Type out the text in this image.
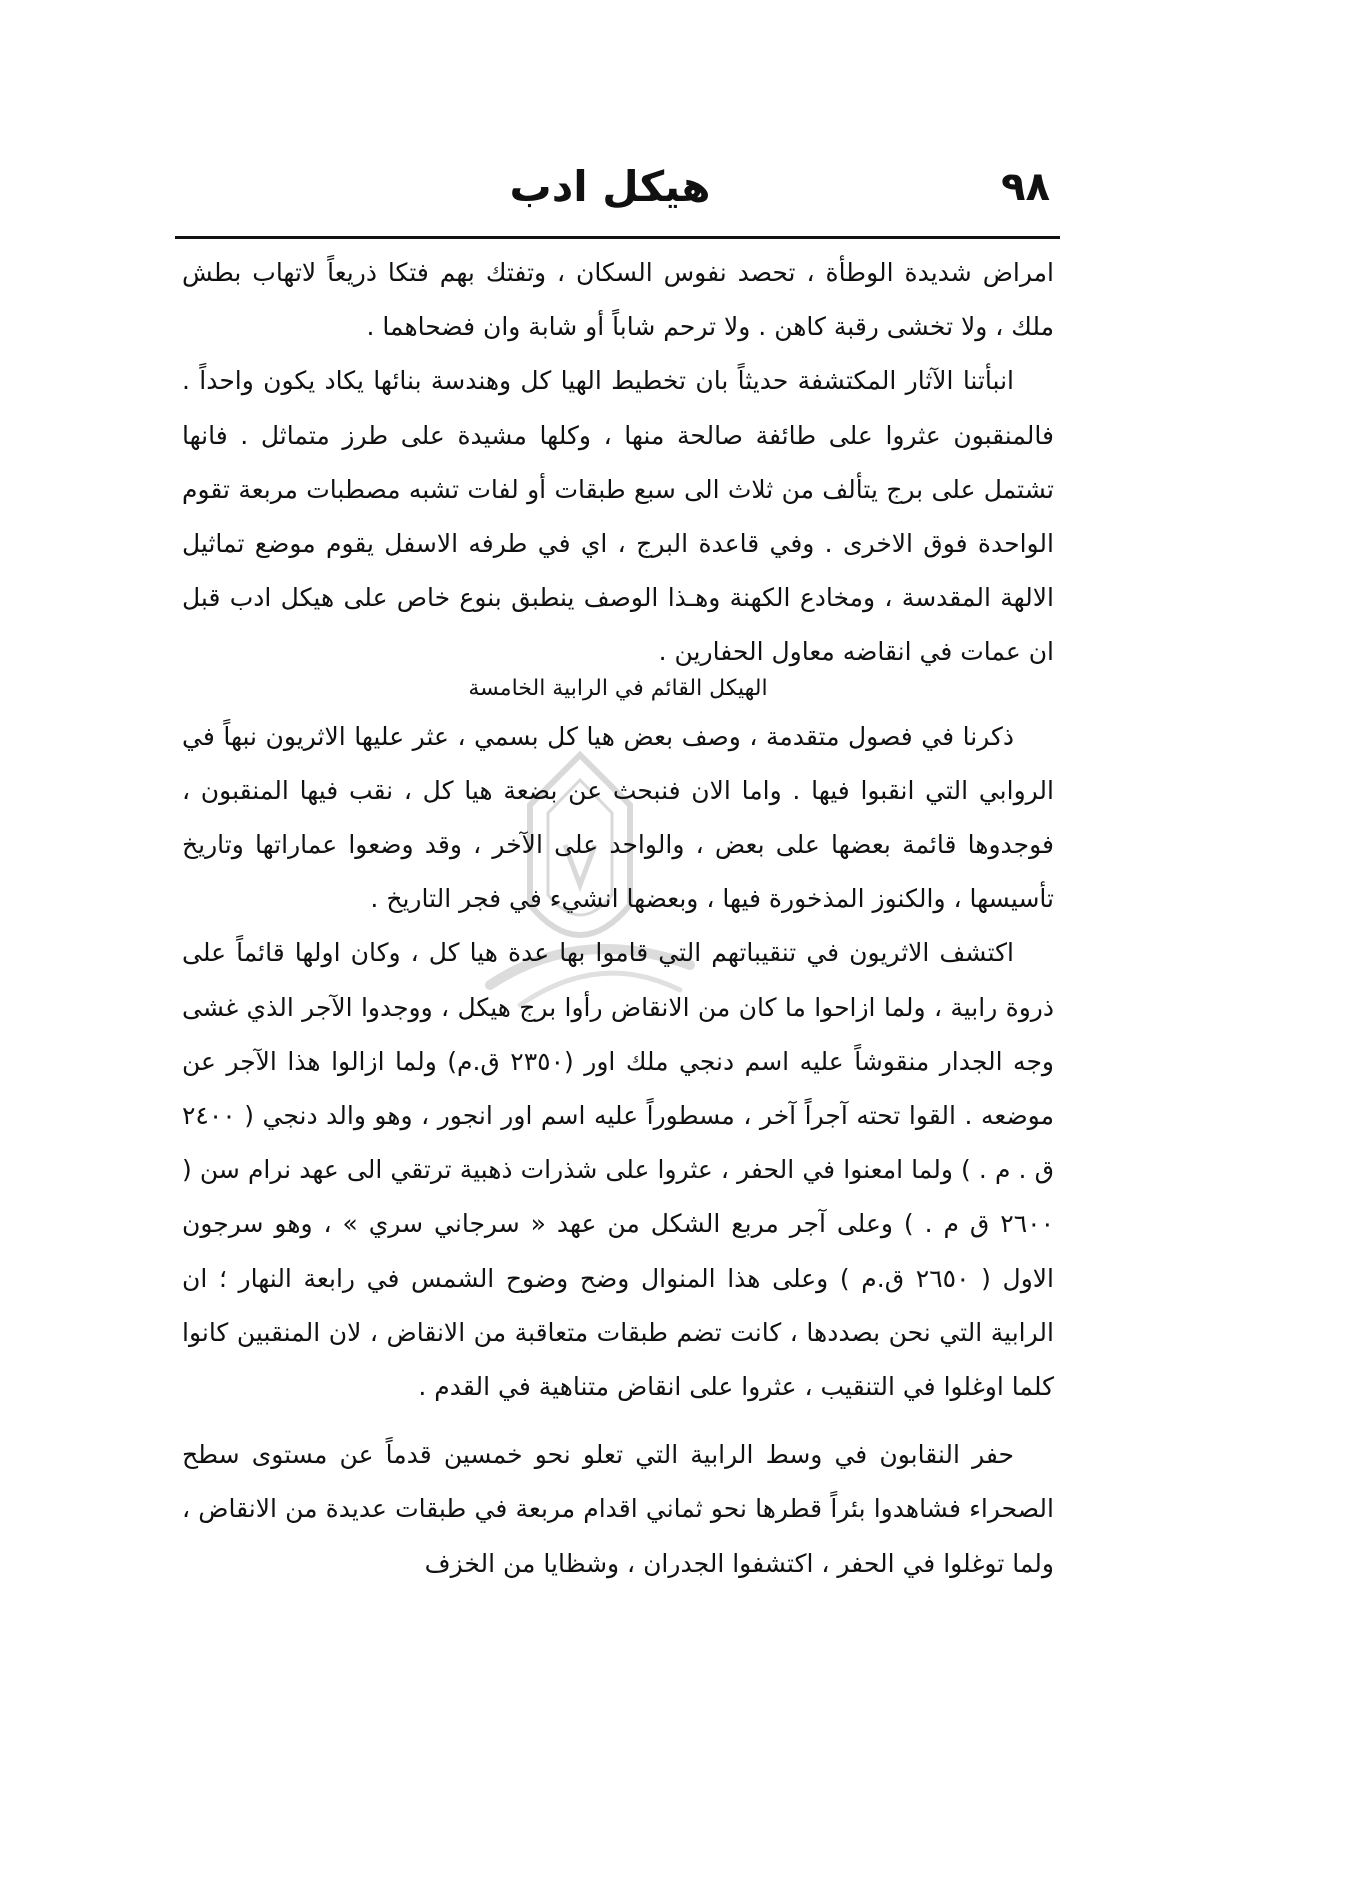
٩٨
هيكل ادب

امراض شديدة الوطأة ، تحصد نفوس السكان ، وتفتك بهم فتكا ذريعاً لاتهاب بطش ملك ، ولا تخشى رقبة كاهن . ولا ترحم شاباً أو شابة وان فضحاهما .

انبأتنا الآثار المكتشفة حديثاً بان تخطيط الهيا كل وهندسة بنائها يكاد يكون واحداً . فالمنقبون عثروا على طائفة صالحة منها ، وكلها مشيدة على طرز متماثل . فانها تشتمل على برج يتألف من ثلاث الى سبع طبقات أو لفات تشبه مصطبات مربعة تقوم الواحدة فوق الاخرى . وفي قاعدة البرج ، اي في طرفه الاسفل يقوم موضع تماثيل الالهة المقدسة ، ومخادع الكهنة وهـذا الوصف ينطبق بنوع خاص على هيكل ادب قبل ان عمات في انقاضه معاول الحفارين .

الهيكل القائم في الرابية الخامسة

ذكرنا في فصول متقدمة ، وصف بعض هيا كل بسمي ، عثر عليها الاثريون نبهاً في الروابي التي انقبوا فيها . واما الان فنبحث عن بضعة هيا كل ، نقب فيها المنقبون ، فوجدوها قائمة بعضها على بعض ، والواحد على الآخر ، وقد وضعوا عماراتها وتاريخ تأسيسها ، والكنوز المذخورة فيها ، وبعضها انشيء في فجر التاريخ .

اكتشف الاثريون في تنقيباتهم التي قاموا بها عدة هيا كل ، وكان اولها قائماً على ذروة رابية ، ولما ازاحوا ما كان من الانقاض رأوا برج هيكل ، ووجدوا الآجر الذي غشى وجه الجدار منقوشاً عليه اسم دنجي ملك اور (٢٣٥٠ ق.م) ولما ازالوا هذا الآجر عن موضعه . القوا تحته آجراً آخر ، مسطوراً عليه اسم اور انجور ، وهو والد دنجي ( ٢٤٠٠ ق . م . ) ولما امعنوا في الحفر ، عثروا على شذرات ذهبية ترتقي الى عهد نرام سن ( ٢٦٠٠ ق م . ) وعلى آجر مربع الشكل من عهد « سرجاني سري » ، وهو سرجون الاول ( ٢٦٥٠ ق.م ) وعلى هذا المنوال وضح وضوح الشمس في رابعة النهار ؛ ان الرابية التي نحن بصددها ، كانت تضم طبقات متعاقبة من الانقاض ، لان المنقبين كانوا كلما اوغلوا في التنقيب ، عثروا على انقاض متناهية في القدم .

حفر النقابون في وسط الرابية التي تعلو نحو خمسين قدماً عن مستوى سطح الصحراء فشاهدوا بئراً قطرها نحو ثماني اقدام مربعة في طبقات عديدة من الانقاض ، ولما توغلوا في الحفر ، اكتشفوا الجدران ، وشظايا من الخزف
